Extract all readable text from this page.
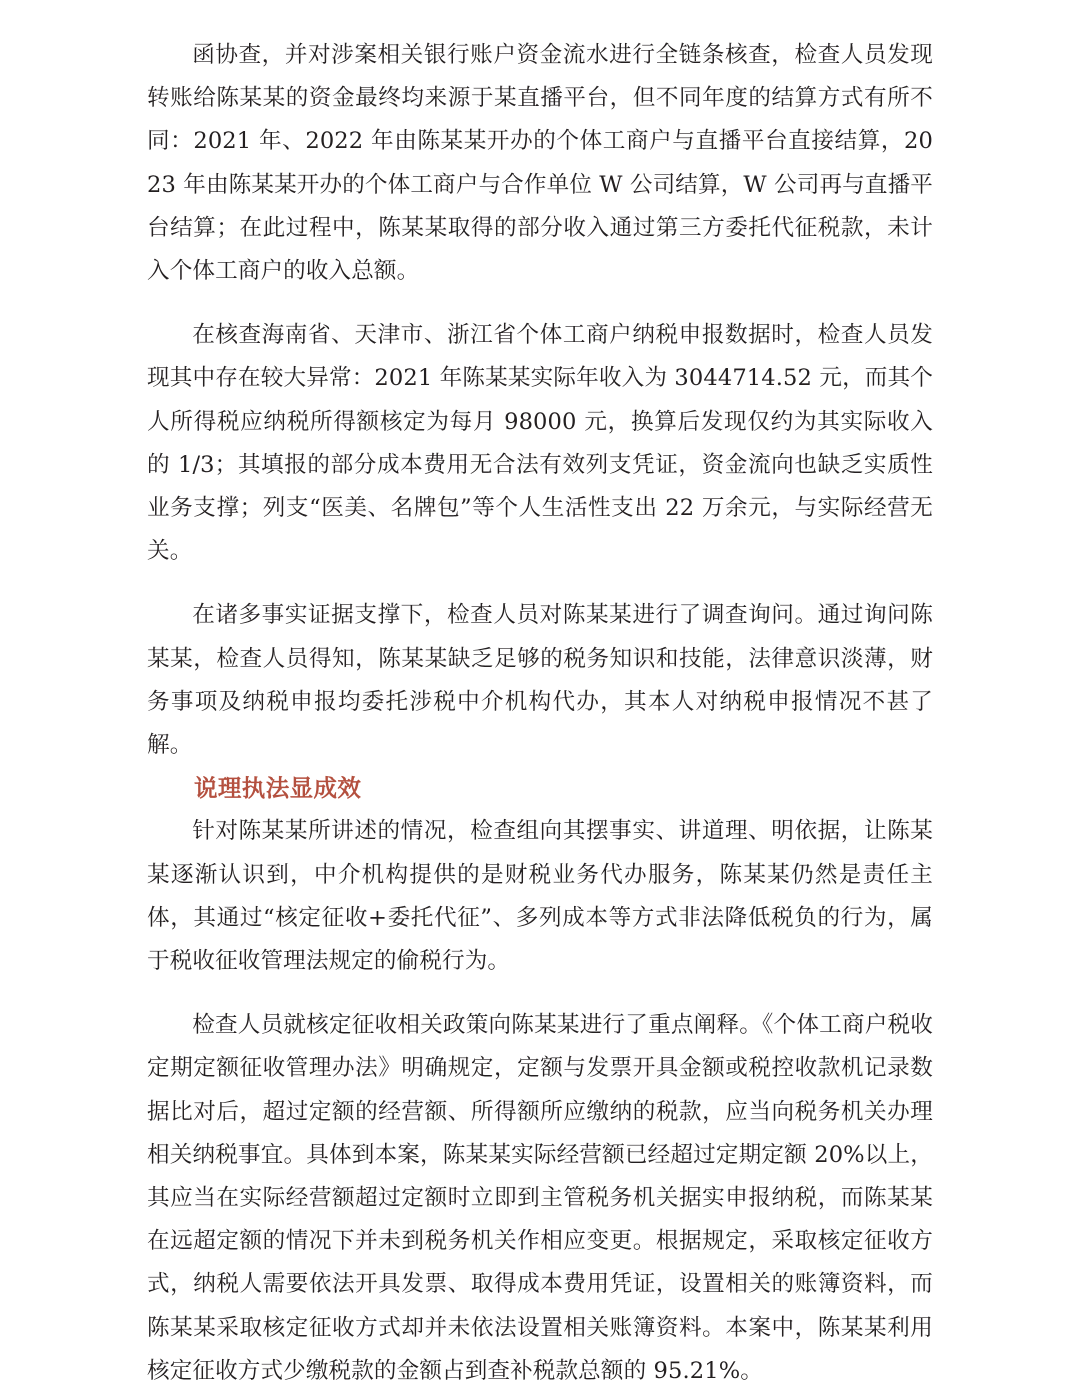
函协查，并对涉案相关银行账户资金流水进行全链条核查，检查人员发现转账给陈某某的资金最终均来源于某直播平台，但不同年度的结算方式有所不同：2021 年、2022 年由陈某某开办的个体工商户与直播平台直接结算，2023 年由陈某某开办的个体工商户与合作单位 W 公司结算，W 公司再与直播平台结算；在此过程中，陈某某取得的部分收入通过第三方委托代征税款，未计入个体工商户的收入总额。

在核查海南省、天津市、浙江省个体工商户纳税申报数据时，检查人员发现其中存在较大异常：2021 年陈某某实际年收入为 3044714.52 元，而其个人所得税应纳税所得额核定为每月 98000 元，换算后发现仅约为其实际收入的 1/3；其填报的部分成本费用无合法有效列支凭证，资金流向也缺乏实质性业务支撑；列支“医美、名牌包”等个人生活性支出 22 万余元，与实际经营无关。

在诸多事实证据支撑下，检查人员对陈某某进行了调查询问。通过询问陈某某，检查人员得知，陈某某缺乏足够的税务知识和技能，法律意识淡薄，财务事项及纳税申报均委托涉税中介机构代办，其本人对纳税申报情况不甚了解。

说理执法显成效

针对陈某某所讲述的情况，检查组向其摆事实、讲道理、明依据，让陈某某逐渐认识到，中介机构提供的是财税业务代办服务，陈某某仍然是责任主体，其通过“核定征收+委托代征”、多列成本等方式非法降低税负的行为，属于税收征收管理法规定的偷税行为。

检查人员就核定征收相关政策向陈某某进行了重点阐释。《个体工商户税收定期定额征收管理办法》明确规定，定额与发票开具金额或税控收款机记录数据比对后，超过定额的经营额、所得额所应缴纳的税款，应当向税务机关办理相关纳税事宜。具体到本案，陈某某实际经营额已经超过定期定额 20%以上，其应当在实际经营额超过定额时立即到主管税务机关据实申报纳税，而陈某某在远超定额的情况下并未到税务机关作相应变更。根据规定，采取核定征收方式，纳税人需要依法开具发票、取得成本费用凭证，设置相关的账簿资料，而陈某某采取核定征收方式却并未依法设置相关账簿资料。本案中，陈某某利用核定征收方式少缴税款的金额占到查补税款总额的 95.21%。
